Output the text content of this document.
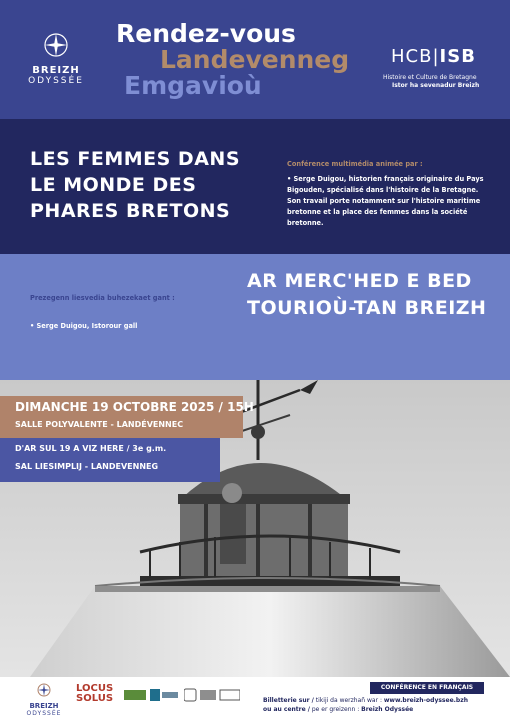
BREIZH
ODYSSÉE
Rendez-vous
Landevenneg
Emgavioù
HCB|ISB
Histoire et Culture de Bretagne
Istor ha sevenadur Breizh
LES FEMMES DANS LE MONDE DES PHARES BRETONS
Conférence multimédia animée par :
• Serge Duigou, historien français originaire du Pays Bigouden, spécialisé dans l'histoire de la Bretagne. Son travail porte notamment sur l'histoire maritime bretonne et la place des femmes dans la société bretonne.
Prezegenn liesvedia buhezekaet gant :
• Serge Duigou, Istorour gall
AR MERC'HED E BED TOURIOÙ-TAN BREIZH
DIMANCHE 19 OCTOBRE 2025 / 15H
SALLE POLYVALENTE - LANDÉVENNEC
D'AR SUL 19 A VIZ HERE / 3e g.m.
SAL LIESIMPLIJ - LANDEVENNEG
BREIZH
ODYSSÉE
LOCUS
SOLUS
CONFÉRENCE EN FRANÇAIS
Billetterie sur / tikiji da werzhañ war : www.breizh-odyssee.bzh
ou au centre / pe er greizenn : Breizh Odyssée
